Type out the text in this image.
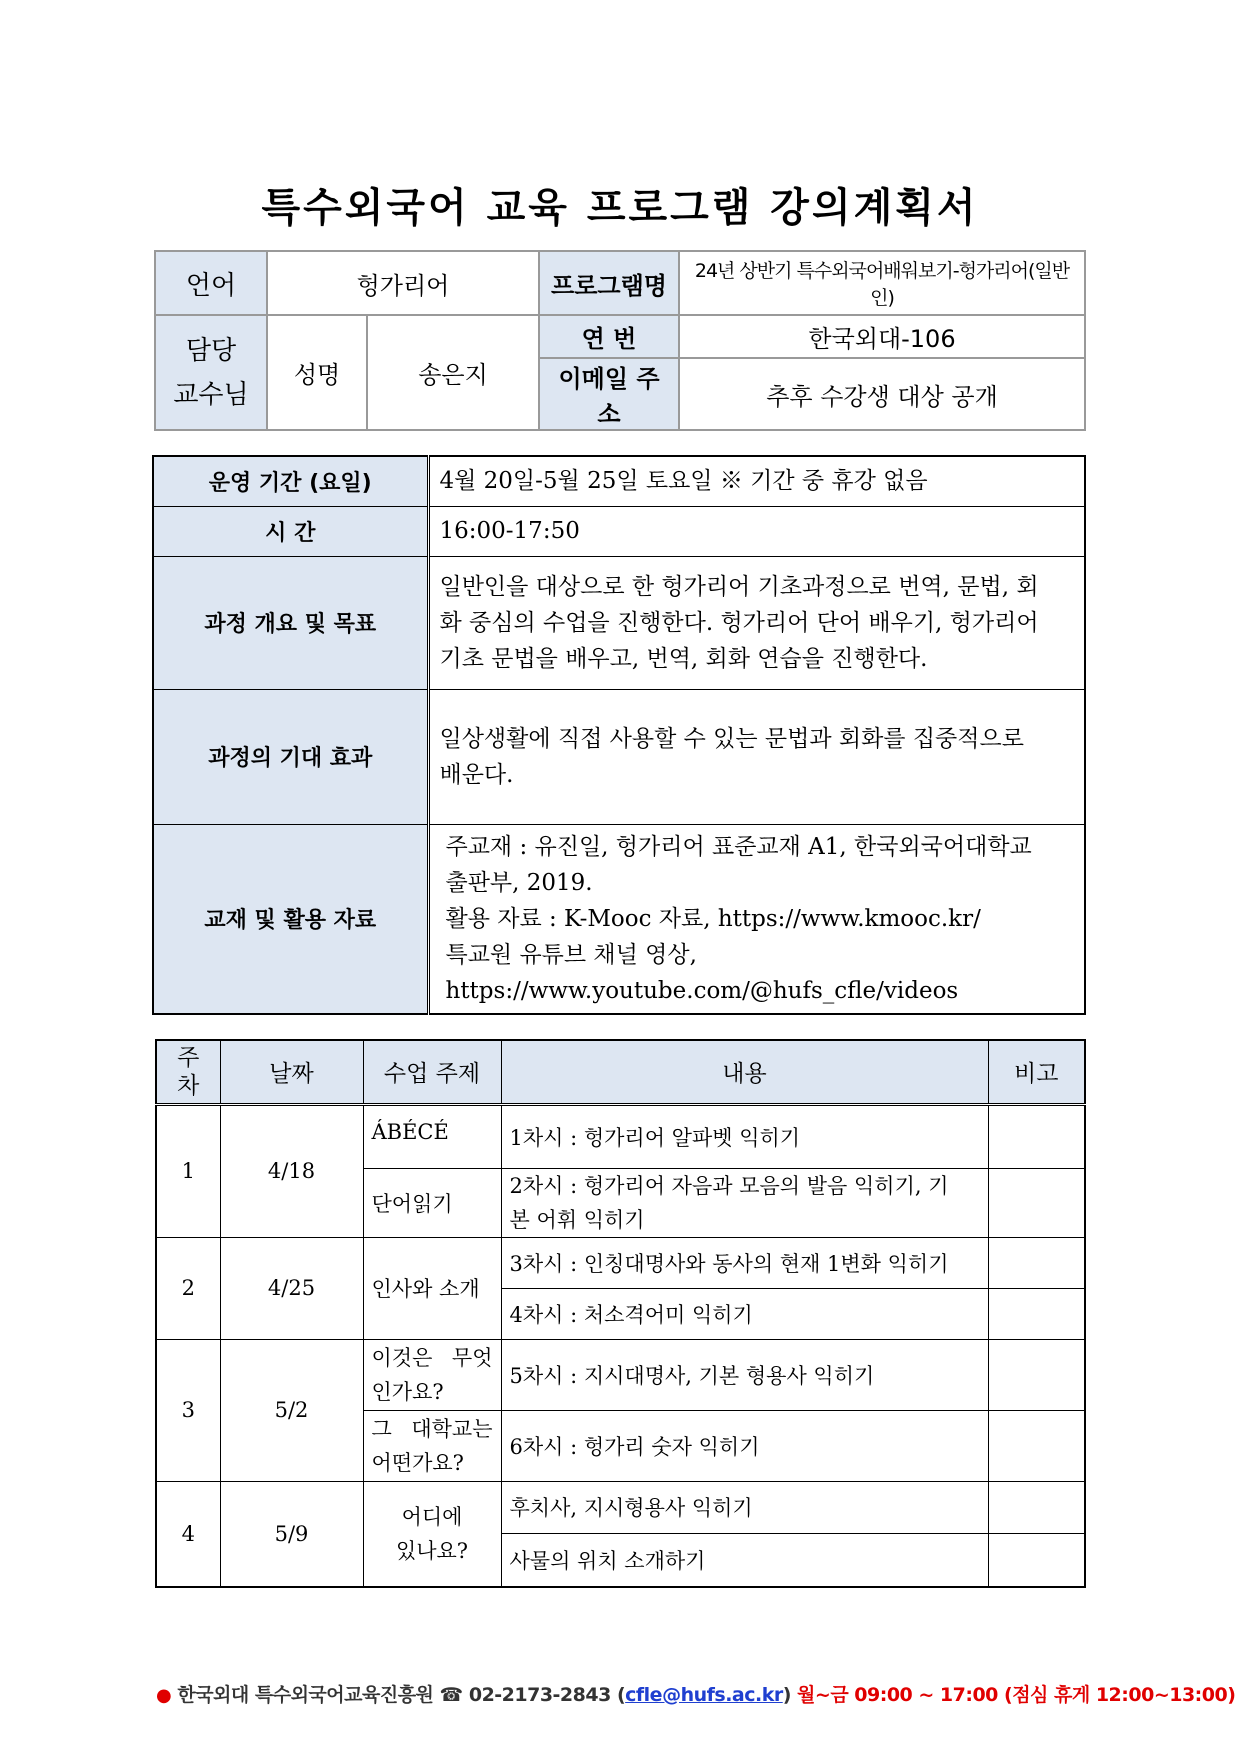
특수외국어 교육 프로그램 강의계획서
언어	헝가리어		프로그램명	24년 상반기 특수외국어배워보기-헝가리어(일반인)

담당
교수님	성명	송은지	연 번	한국외대-106
			이메일 주소	추후 수강생 대상 공개
운영 기간 (요일)	4월 20일-5월 25일 토요일 ※ 기간 중 휴강 없음
시 간	16:00-17:50
과정 개요 및 목표	일반인을 대상으로 한 헝가리어 기초과정으로 번역, 문법, 회
화 중심의 수업을 진행한다. 헝가리어 단어 배우기, 헝가리어
기초 문법을 배우고, 번역, 회화 연습을 진행한다.

과정의 기대 효과	일상생활에 직접 사용할 수 있는 문법과 회화를 집중적으로
배운다.

교재 및 활용 자료	주교재 : 유진일, 헝가리어 표준교재 A1, 한국외국어대학교
출판부, 2019.
활용 자료 : K-Mooc 자료, https://www.kmooc.kr/
특교원 유튜브 채널 영상,
https://www.youtube.com/@hufs_cfle/videos
주
차	날짜	수업 주제	내용	비고
1	4/18	ÁBÉCÉ	1차시 : 헝가리어 알파벳 익히기	
		단어읽기	2차시 : 헝가리어 자음과 모음의 발음 익히기, 기
본 어휘 익히기	

2	4/25	인사와 소개	3차시 : 인칭대명사와 동사의 현재 1변화 익히기	
			4차시 : 처소격어미 익히기	
3	5/2	이것은 무엇
인가요?	5차시 : 지시대명사, 기본 형용사 익히기	

		그 대학교는
어떤가요?	6차시 : 헝가리 숫자 익히기	
4	5/9	어디에
있나요?	후치사, 지시형용사 익히기	
			사물의 위치 소개하기	
● 한국외대 특수외국어교육진흥원 ☎ 02-2173-2843 (cfle@hufs.ac.kr) 월~금 09:00 ~ 17:00 (점심 휴게 12:00~13:00)
